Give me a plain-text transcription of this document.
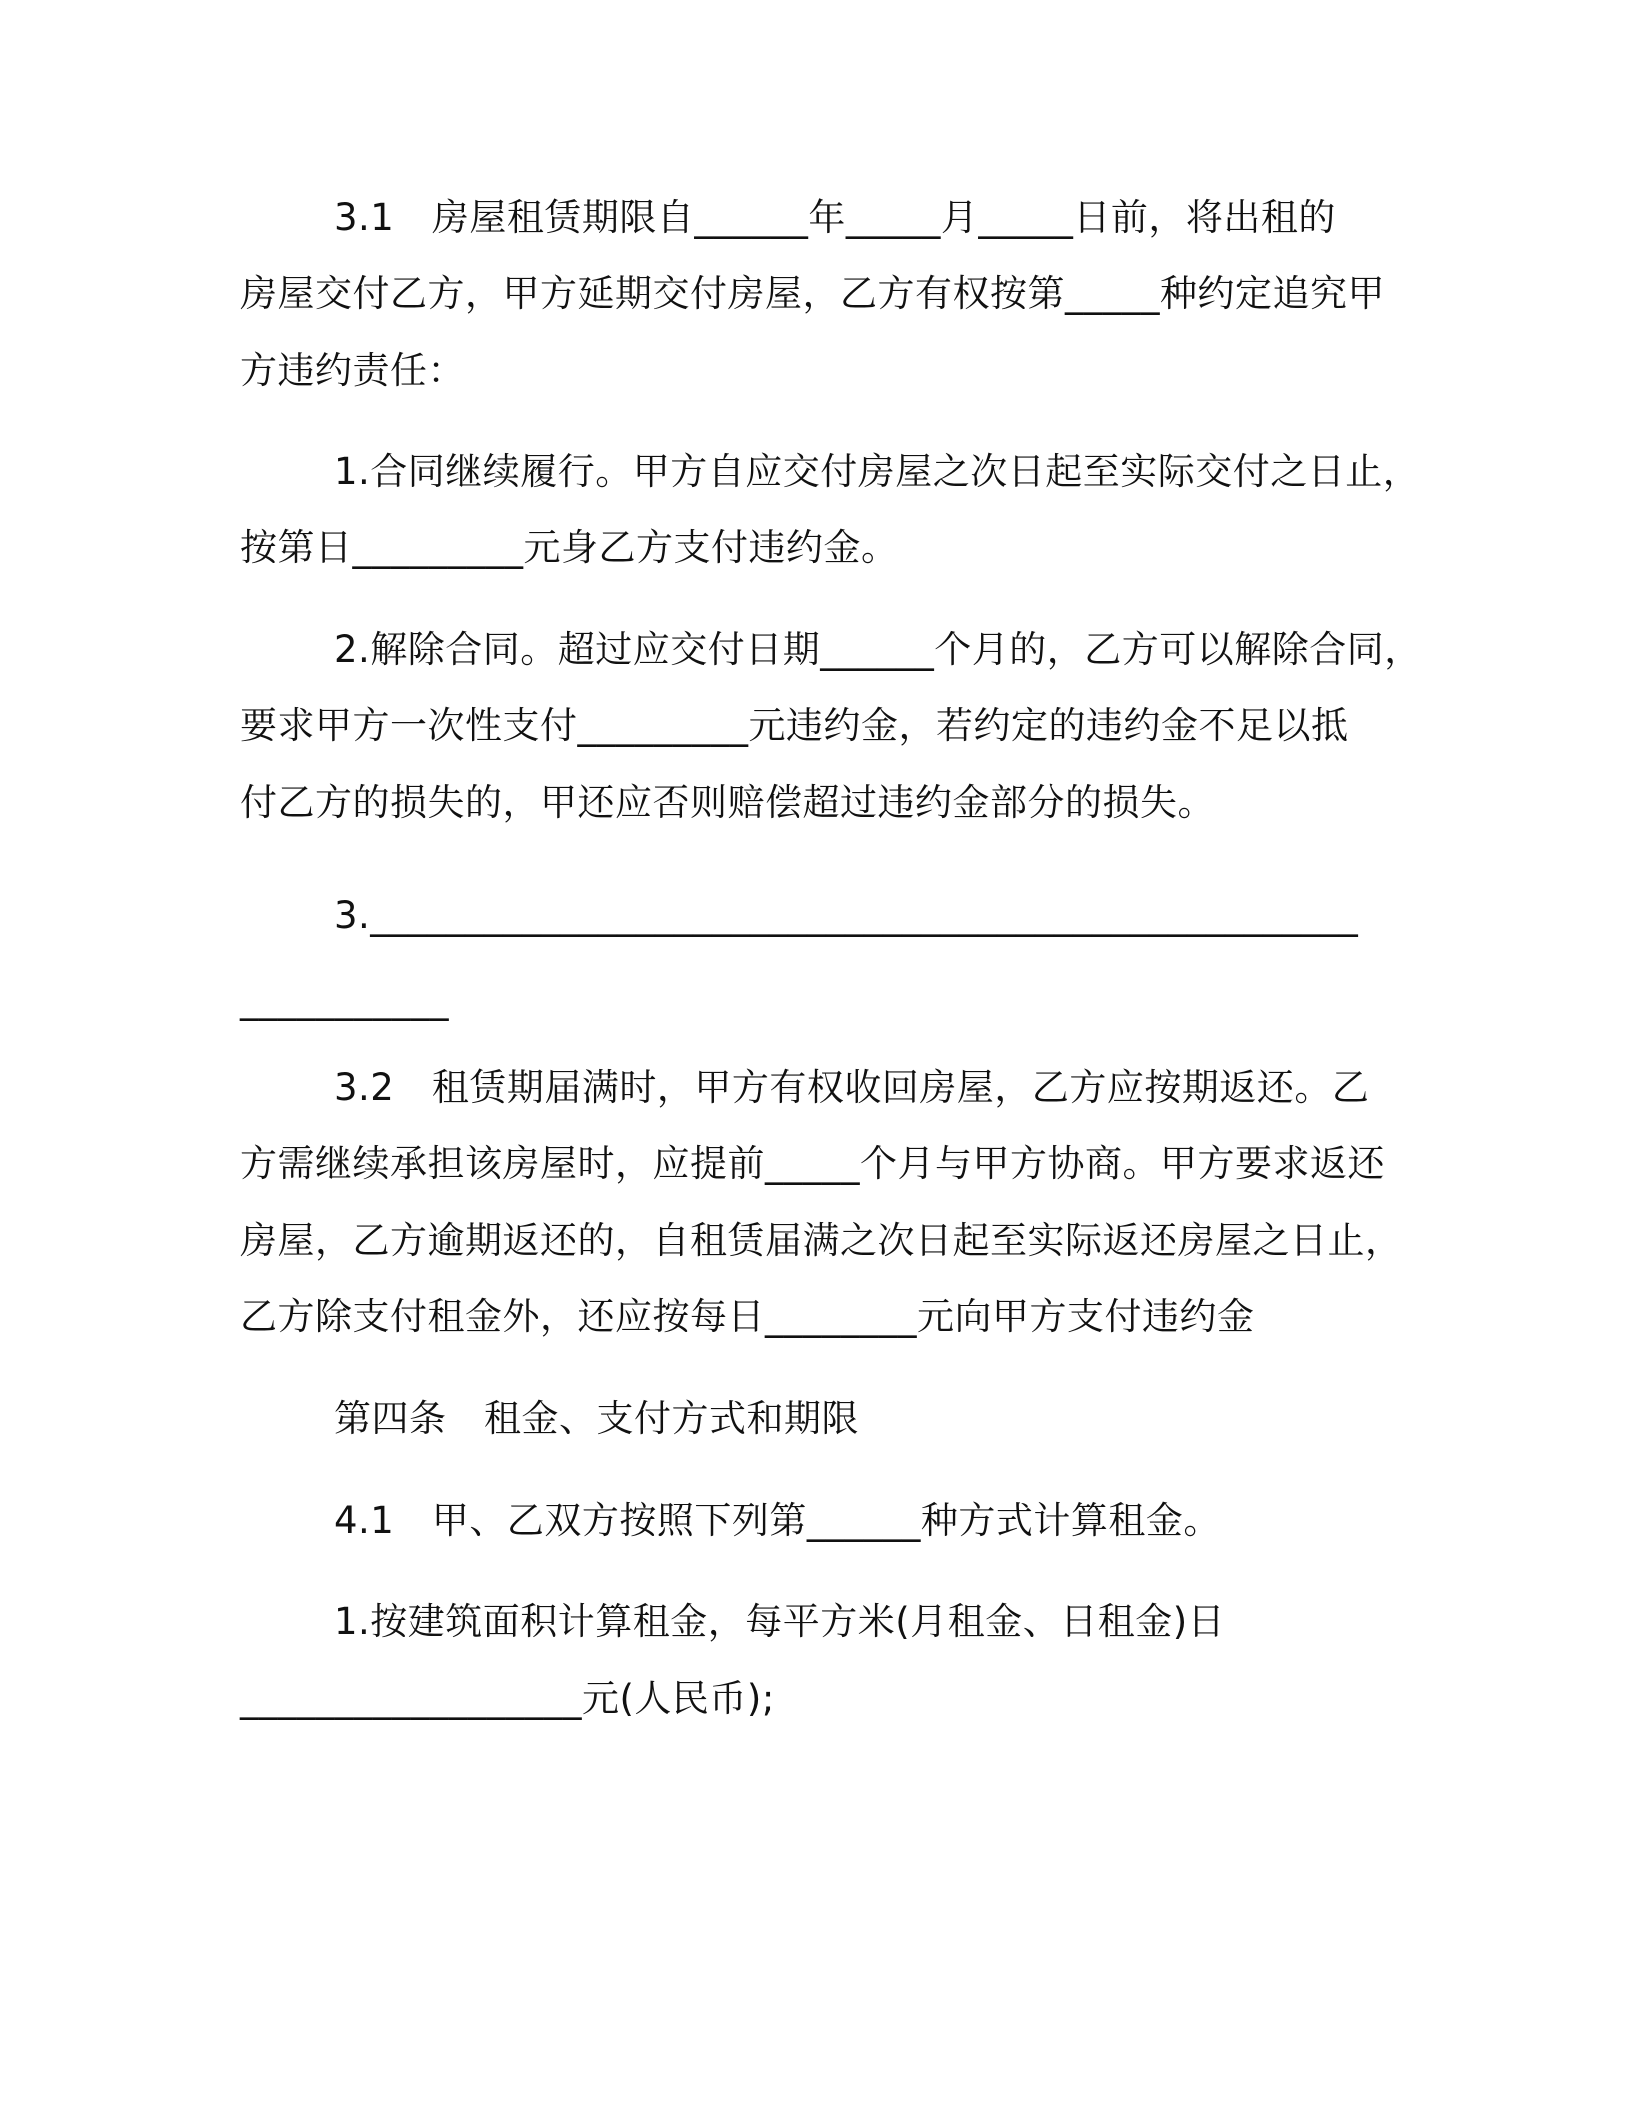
3.1　房屋租赁期限自______年_____月_____日前，将出租的
房屋交付乙方，甲方延期交付房屋，乙方有权按第_____种约定追究甲
方违约责任：
1.合同继续履行。甲方自应交付房屋之次日起至实际交付之日止，
按第日_________元身乙方支付违约金。
2.解除合同。超过应交付日期______个月的，乙方可以解除合同，
要求甲方一次性支付_________元违约金，若约定的违约金不足以抵
付乙方的损失的，甲还应否则赔偿超过违约金部分的损失。
3.____________________________________________________
___________
3.2　租赁期届满时，甲方有权收回房屋，乙方应按期返还。乙
方需继续承担该房屋时，应提前_____个月与甲方协商。甲方要求返还
房屋，乙方逾期返还的，自租赁届满之次日起至实际返还房屋之日止，
乙方除支付租金外，还应按每日________元向甲方支付违约金
第四条　租金、支付方式和期限
4.1　甲、乙双方按照下列第______种方式计算租金。
1.按建筑面积计算租金，每平方米(月租金、日租金)日
__________________元(人民币);
